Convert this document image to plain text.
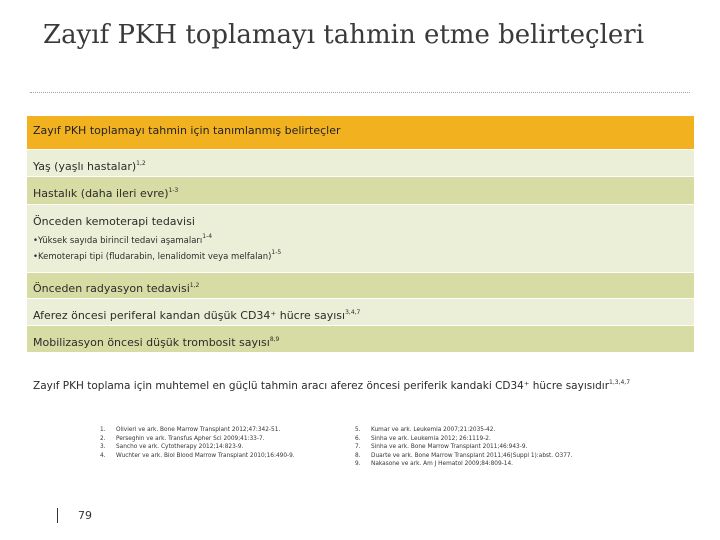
Zayıf PKH toplamayı tahmin etme belirteçleri
Zayıf PKH toplamayı tahmin için tanımlanmış belirteçler
Yaş (yaşlı hastalar)$^{1,2}$
Hastalık (daha ileri evre)$^{1-3}$
Önceden kemoterapi tedavisi
•Yüksek sayıda birincil tedavi aşamaları$^{1-4}$
•Kemoterapi tipi (fludarabin, lenalidomit veya melfalan)$^{1-5}$
Önceden radyasyon tedavisi$^{1,2}$
Aferez öncesi periferal kandan düşük CD34⁺ hücre sayısı$^{3,4,7}$
Mobilizasyon öncesi düşük trombosit sayısı$^{8,9}$
Zayıf PKH toplama için muhtemel en güçlü tahmin aracı aferez öncesi periferik kandaki CD34⁺ hücre sayısıdır$^{1,3,4,7}$
1. Olivieri ve ark. Bone Marrow Transplant 2012;47:342-51.
2. Perseghin ve ark. Transfus Apher Sci 2009;41:33-7.
3. Sancho ve ark. Cytotherapy 2012;14:823-9.
4. Wuchter ve ark. Biol Blood Marrow Transplant 2010;16:490-9.
5. Kumar ve ark. Leukemia 2007;21:2035-42.
6. Sinha ve ark. Leukemia 2012; 26:1119-2.
7. Sinha ve ark. Bone Marrow Transplant 2011;46:943-9.
8. Duarte ve ark. Bone Marrow Transplant 2011;46(Suppl 1):abst. O377.
9. Nakasone ve ark. Am J Hematol 2009;84:809-14.
79
